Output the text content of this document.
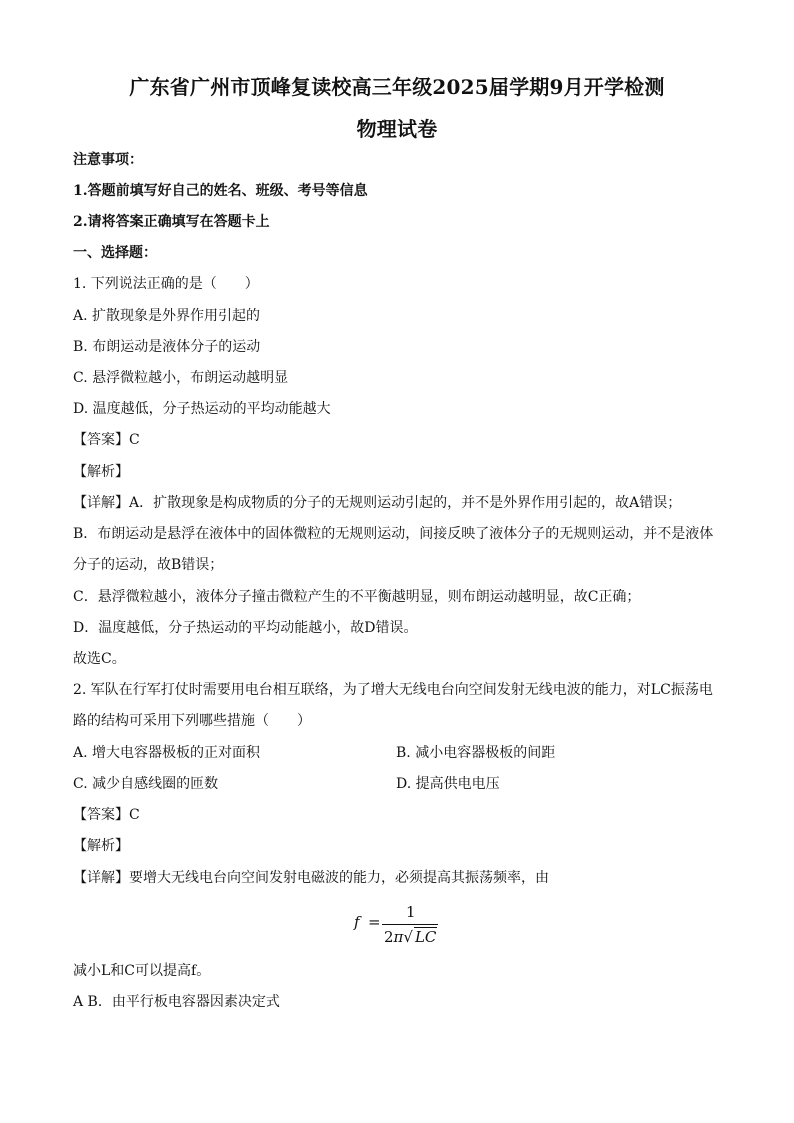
广东省广州市顶峰复读校高三年级2025届学期9月开学检测
物理试卷
注意事项：
1.答题前填写好自己的姓名、班级、考号等信息
2.请将答案正确填写在答题卡上
一、选择题：
1. 下列说法正确的是（　　）
A. 扩散现象是外界作用引起的
B. 布朗运动是液体分子的运动
C. 悬浮微粒越小，布朗运动越明显
D. 温度越低，分子热运动的平均动能越大
【答案】C
【解析】
【详解】A．扩散现象是构成物质的分子的无规则运动引起的，并不是外界作用引起的，故A错误；
B．布朗运动是悬浮在液体中的固体微粒的无规则运动，间接反映了液体分子的无规则运动，并不是液体
分子的运动，故B错误；
C．悬浮微粒越小，液体分子撞击微粒产生的不平衡越明显，则布朗运动越明显，故C正确；
D．温度越低，分子热运动的平均动能越小，故D错误。
故选C。
2. 军队在行军打仗时需要用电台相互联络，为了增大无线电台向空间发射无线电波的能力，对LC振荡电
路的结构可采用下列哪些措施（　　）
A. 增大电容器极板的正对面积	B. 减小电容器极板的间距
C. 减少自感线圈的匝数	D. 提高供电电压
【答案】C
【解析】
【详解】要增大无线电台向空间发射电磁波的能力，必须提高其振荡频率，由
f =
1
2π√ LC
减小L和C可以提高f。
A B．由平行板电容器因素决定式
